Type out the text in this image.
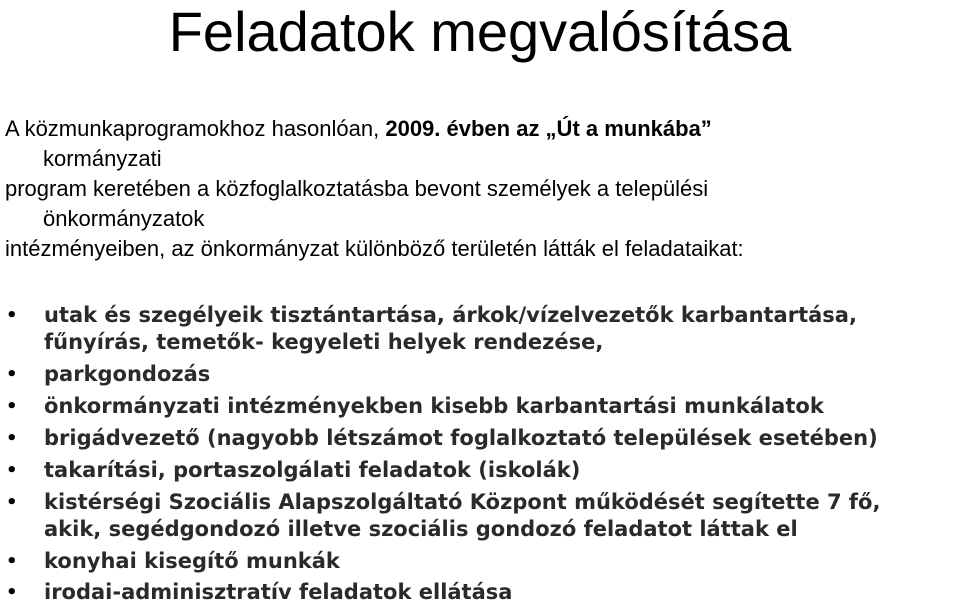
Feladatok megvalósítása
A közmunkaprogramokhoz hasonlóan, 2009. évben az „Út a munkába”
kormányzati
program keretében a közfoglalkoztatásba bevont személyek a települési
önkormányzatok
intézményeiben, az önkormányzat különböző területén látták el feladataikat:
• utak és szegélyeik tisztántartása, árkok/vízelvezetők karbantartása,
fűnyírás, temetők- kegyeleti helyek rendezése,
• parkgondozás
• önkormányzati intézményekben kisebb karbantartási munkálatok
• brigádvezető (nagyobb létszámot foglalkoztató települések esetében)
• takarítási, portaszolgálati feladatok (iskolák)
• kistérségi Szociális Alapszolgáltató Központ működését segítette 7 fő,
akik, segédgondozó illetve szociális gondozó feladatot láttak el
• konyhai kisegítő munkák
• irodai-adminisztratív feladatok ellátása
